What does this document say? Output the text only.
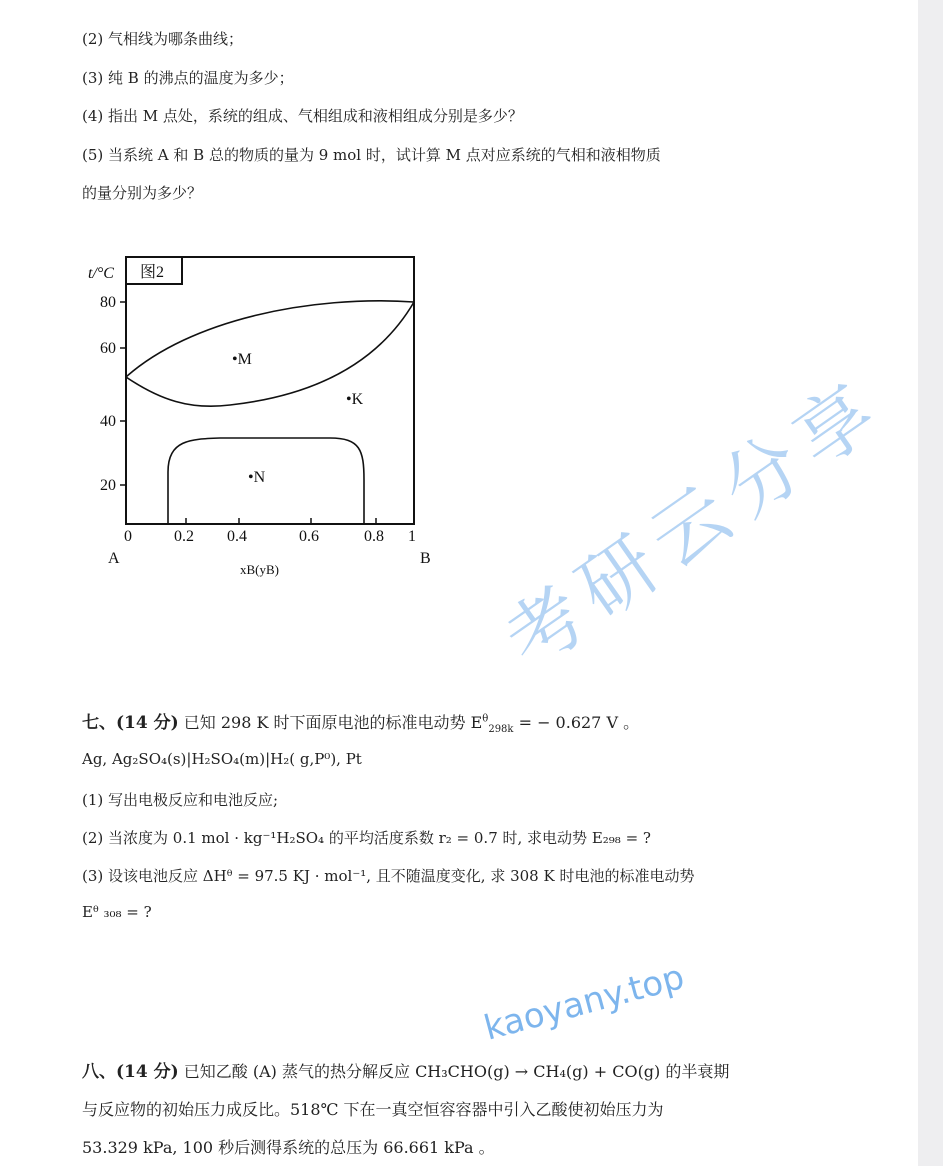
(2) 气相线为哪条曲线；
(3) 纯 B 的沸点的温度为多少；
(4) 指出 M 点处，系统的组成、气相组成和液相组成分别是多少？
(5) 当系统 A 和 B 总的物质的量为 9 mol 时，试计算 M 点对应系统的气相和液相物质
的量分别为多少？
图2
t/°C
80
60
40
20
0	0.2 0.4	0.6	0.8 1
A	B
xB(yB)
•M
•K
•N
七、(14 分) 已知 298 K 时下面原电池的标准电动势 $E^\theta_{298k}$ = − 0.627 V 。
Ag, Ag₂SO₄(s)|H₂SO₄(m)|H₂( g,P⁰), Pt
(1) 写出电极反应和电池反应;
(2) 当浓度为 0.1 mol · kg⁻¹H₂SO₄ 的平均活度系数 r₂ = 0.7 时, 求电动势 E₂₉₈ = ?
(3) 设该电池反应 ΔHᶿ = 97.5 KJ · mol⁻¹, 且不随温度变化, 求 308 K 时电池的标准电动势
Eᶿ ₃₀₈ = ?
八、(14 分) 已知乙酸 (A) 蒸气的热分解反应 CH₃CHO(g) → CH₄(g) + CO(g) 的半衰期
与反应物的初始压力成反比。518℃ 下在一真空恒容容器中引入乙酸使初始压力为
53.329 kPa, 100 秒后测得系统的总压为 66.661 kPa 。
考研云分享
kaoyany.top
